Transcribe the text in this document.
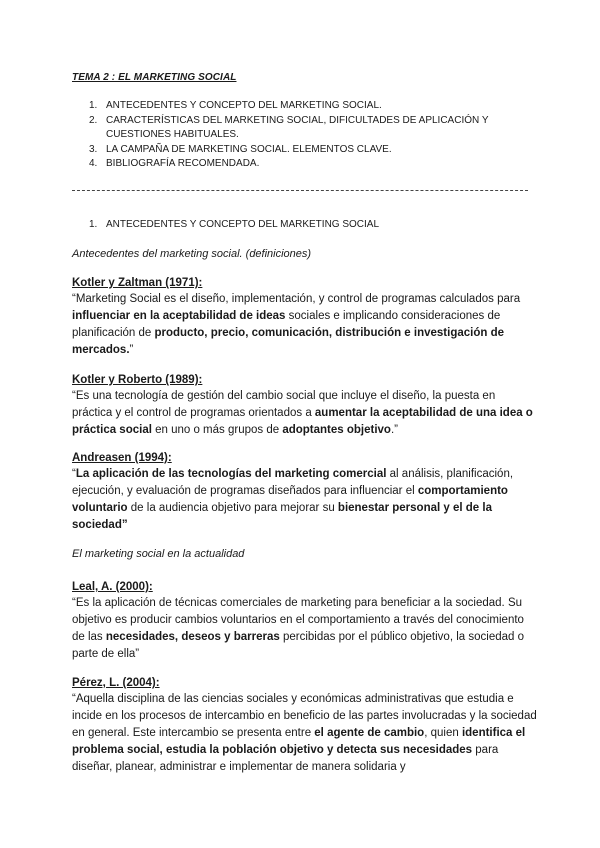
TEMA 2 : EL MARKETING SOCIAL
1. ANTECEDENTES Y CONCEPTO DEL MARKETING SOCIAL.
2. CARACTERÍSTICAS DEL MARKETING SOCIAL, DIFICULTADES DE APLICACIÓN Y CUESTIONES HABITUALES.
3. LA CAMPAÑA DE MARKETING SOCIAL. ELEMENTOS CLAVE.
4. BIBLIOGRAFÍA RECOMENDADA.
1. ANTECEDENTES Y CONCEPTO DEL MARKETING SOCIAL
Antecedentes del marketing social. (definiciones)
Kotler y Zaltman (1971):
“Marketing Social es el diseño, implementación, y control de programas calculados para influenciar en la aceptabilidad de ideas sociales e implicando consideraciones de planificación de producto, precio, comunicación, distribución e investigación de mercados.”
Kotler y Roberto (1989):
“Es una tecnología de gestión del cambio social que incluye el diseño, la puesta en práctica y el control de programas orientados a aumentar la aceptabilidad de una idea o práctica social en uno o más grupos de adoptantes objetivo.”
Andreasen (1994):
“La aplicación de las tecnologías del marketing comercial al análisis, planificación, ejecución, y evaluación de programas diseñados para influenciar el comportamiento voluntario de la audiencia objetivo para mejorar su bienestar personal y el de la sociedad”
El marketing social en la actualidad
Leal, A. (2000):
“Es la aplicación de técnicas comerciales de marketing para beneficiar a la sociedad. Su objetivo es producir cambios voluntarios en el comportamiento a través del conocimiento de las necesidades, deseos y barreras percibidas por el público objetivo, la sociedad o parte de ella”
Pérez, L. (2004):
“Aquella disciplina de las ciencias sociales y económicas administrativas que estudia e incide en los procesos de intercambio en beneficio de las partes involucradas y la sociedad en general. Este intercambio se presenta entre el agente de cambio, quien identifica el problema social, estudia la población objetivo y detecta sus necesidades para diseñar, planear, administrar e implementar de manera solidaria y
